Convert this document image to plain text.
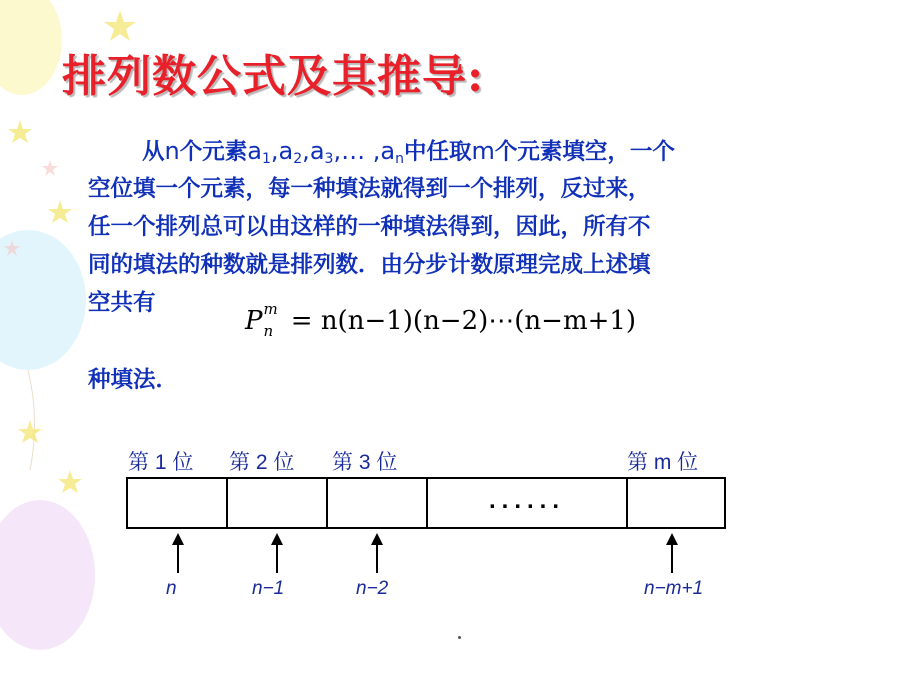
排列数公式及其推导:
从n个元素$a_1,a_2,a_3,\dots$ $,a_n$中任取m个元素填空，一个
空位填一个元素，每一种填法就得到一个排列，反过来，
任一个排列总可以由这样的一种填法得到，因此，所有不
同的填法的种数就是排列数．由分步计数原理完成上述填
空共有
P m
n = n(n−1)(n−2)⋯(n−m+1)
种填法．
第 1 位 第 2 位 第 3 位	第 m 位
......
n	n−1	n−2	n−m+1
